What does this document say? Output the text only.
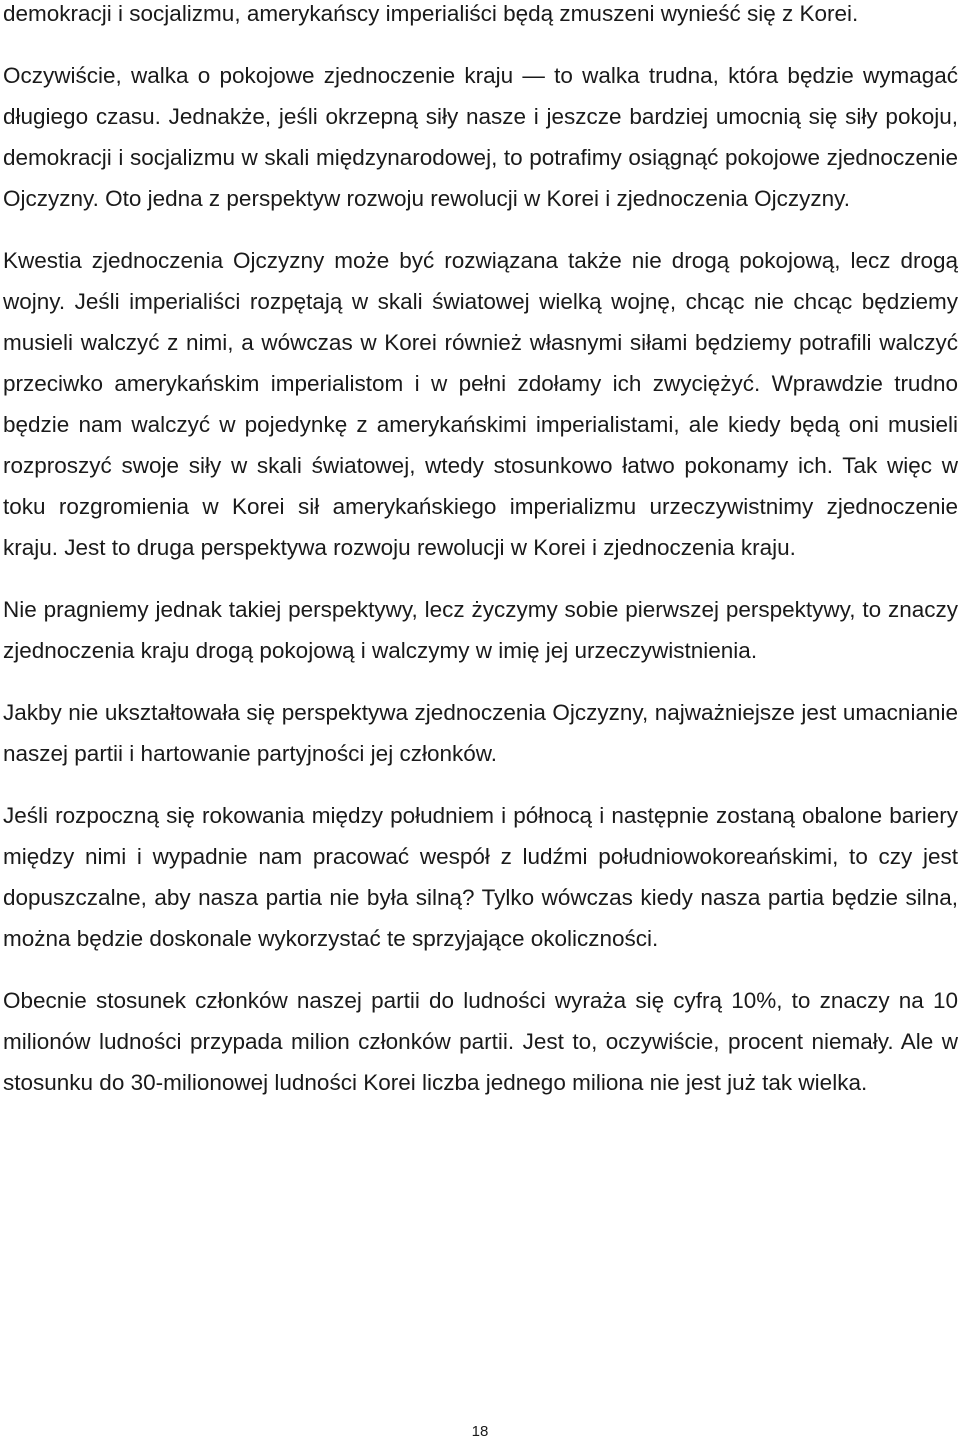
demokracji i socjalizmu, amerykańscy imperialiści będą zmuszeni wynieść się z Korei.

Oczywiście, walka o pokojowe zjednoczenie kraju — to walka trudna, która będzie wymagać długiego czasu. Jednakże, jeśli okrzepną siły nasze i jeszcze bardziej umocnią się siły pokoju, demokracji i socjalizmu w skali międzynarodowej, to potrafimy osiągnąć pokojowe zjednoczenie Ojczyzny. Oto jedna z perspektyw rozwoju rewolucji w Korei i zjednoczenia Ojczyzny.

Kwestia zjednoczenia Ojczyzny może być rozwiązana także nie drogą pokojową, lecz drogą wojny. Jeśli imperialiści rozpętają w skali światowej wielką wojnę, chcąc nie chcąc będziemy musieli walczyć z nimi, a wówczas w Korei również własnymi siłami będziemy potrafili walczyć przeciwko amerykańskim imperialistom i w pełni zdołamy ich zwyciężyć. Wprawdzie trudno będzie nam walczyć w pojedynkę z amerykańskimi imperialistami, ale kiedy będą oni musieli rozproszyć swoje siły w skali światowej, wtedy stosunkowo łatwo pokonamy ich. Tak więc w toku rozgromienia w Korei sił amerykańskiego imperializmu urzeczywistnimy zjednoczenie kraju. Jest to druga perspektywa rozwoju rewolucji w Korei i zjednoczenia kraju.

Nie pragniemy jednak takiej perspektywy, lecz życzymy sobie pierwszej perspektywy, to znaczy zjednoczenia kraju drogą pokojową i walczymy w imię jej urzeczywistnienia.

Jakby nie ukształtowała się perspektywa zjednoczenia Ojczyzny, najważniejsze jest umacnianie naszej partii i hartowanie partyjności jej członków.

Jeśli rozpoczną się rokowania między południem i północą i następnie zostaną obalone bariery między nimi i wypadnie nam pracować wespół z ludźmi południowokoreańskimi, to czy jest dopuszczalne, aby nasza partia nie była silną? Tylko wówczas kiedy nasza partia będzie silna, można będzie doskonale wykorzystać te sprzyjające okoliczności.

Obecnie stosunek członków naszej partii do ludności wyraża się cyfrą 10%, to znaczy na 10 milionów ludności przypada milion członków partii. Jest to, oczywiście, procent niemały. Ale w stosunku do 30-milionowej ludności Korei liczba jednego miliona nie jest już tak wielka.

18
